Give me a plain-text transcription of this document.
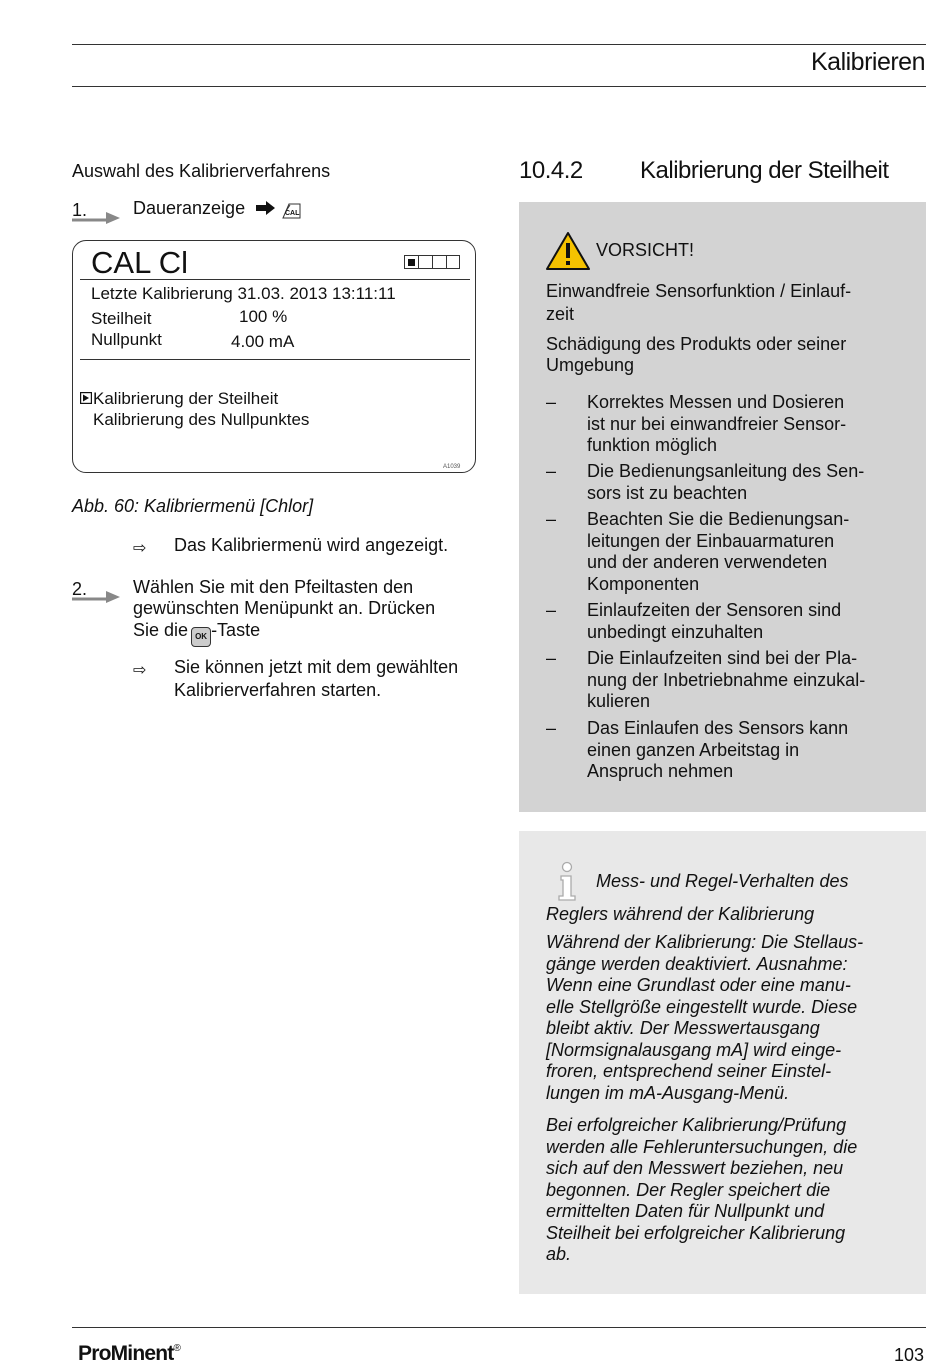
Kalibrieren
Auswahl des Kalibrierverfahrens
1.	Daueranzeige	CAL
CAL Cl
Letzte Kalibrierung 31.03. 2013 13:11:11
Steilheit	100 %
Nullpunkt	4.00 mA
Kalibrierung der Steilheit
Kalibrierung des Nullpunktes
A1039
Abb. 60: Kalibriermenü [Chlor]
⇨ Das Kalibriermenü wird angezeigt.
2.	Wählen Sie mit den Pfeiltasten den
gewünschten Menüpunkt an. Drücken
Sie die OK -Taste
⇨ Sie können jetzt mit dem gewählten
Kalibrierverfahren starten.
10.4.2 Kalibrierung der Steilheit
VORSICHT!
Einwandfreie Sensorfunktion / Einlauf-
zeit
Schädigung des Produkts oder seiner
Umgebung
– Korrektes Messen und Dosieren
ist nur bei einwandfreier Sensor-
funktion möglich
– Die Bedienungsanleitung des Sen-
sors ist zu beachten
– Beachten Sie die Bedienungsan-
leitungen der Einbauarmaturen
und der anderen verwendeten
Komponenten
– Einlaufzeiten der Sensoren sind
unbedingt einzuhalten
– Die Einlaufzeiten sind bei der Pla-
nung der Inbetriebnahme einzukal-
kulieren
– Das Einlaufen des Sensors kann
einen ganzen Arbeitstag in
Anspruch nehmen
Mess- und Regel-Verhalten des
Reglers während der Kalibrierung
Während der Kalibrierung: Die Stellaus-
gänge werden deaktiviert. Ausnahme:
Wenn eine Grundlast oder eine manu-
elle Stellgröße eingestellt wurde. Diese
bleibt aktiv. Der Messwertausgang
[Normsignalausgang mA] wird einge-
froren, entsprechend seiner Einstel-
lungen im mA-Ausgang-Menü.
Bei erfolgreicher Kalibrierung/Prüfung
werden alle Fehleruntersuchungen, die
sich auf den Messwert beziehen, neu
begonnen. Der Regler speichert die
ermittelten Daten für Nullpunkt und
Steilheit bei erfolgreicher Kalibrierung
ab.
ProMinent®	103
